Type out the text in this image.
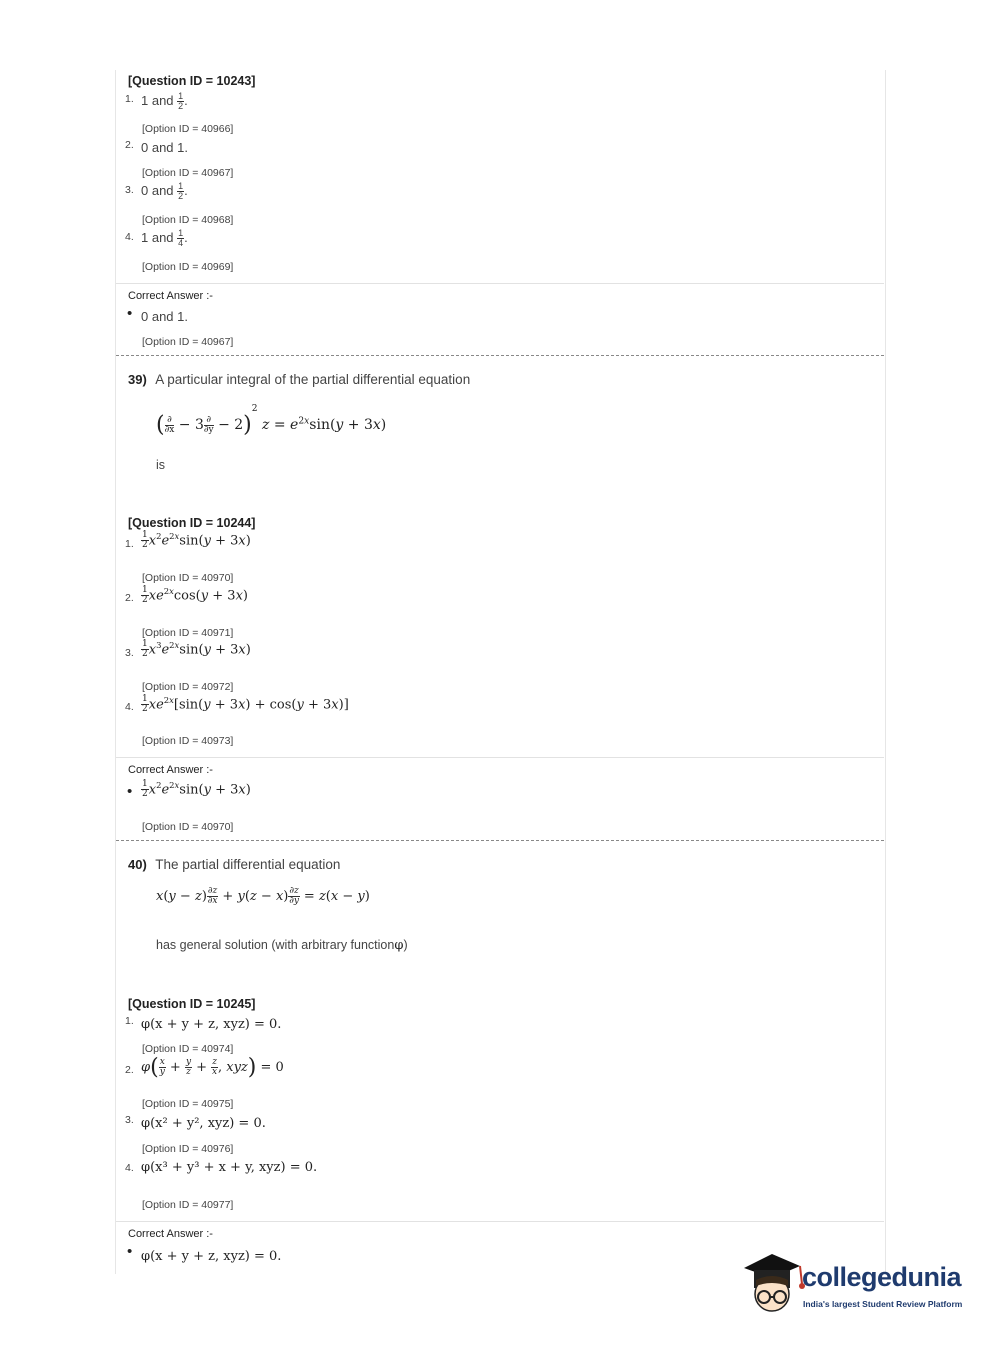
[Question ID = 10243]
1. 1 and $\frac{1}{2}$ .
[Option ID = 40966]
2. 0 and 1.
[Option ID = 40967]
3. 0 and $\frac{1}{2}$ .
[Option ID = 40968]
4. 1 and $\frac{1}{4}$ .
[Option ID = 40969]
Correct Answer :-
• 0 and 1.
[Option ID = 40967]
39) A particular integral of the partial differential equation
( $\frac{\partial}{\partial x} - 3 \frac{\partial}{\partial y} - 2)^2$ $z = e^{2x}\sin(y + 3x)$
is
[Question ID = 10244]
1. $\frac{1}{2} x^2e^{2x}\sin(y + 3x)$
[Option ID = 40970]
2. $\frac{1}{2} xe^{2x}\cos(y + 3x)$
[Option ID = 40971]
3. $\frac{1}{2} x^3e^{2x}\sin(y + 3x)$
[Option ID = 40972]
4. $\frac{1}{2} xe^{2x}[\sin(y + 3x) + \cos(y + 3x)]$
[Option ID = 40973]
Correct Answer :-
• $\frac{1}{2} x^2e^{2x}\sin(y + 3x)$
[Option ID = 40970]
40) The partial differential equation
$x(y - z) \frac{\partial z}{\partial x} + y(z - x) \frac{\partial z}{\partial y} = z(x - y)$
has general solution (with arbitrary functionφ)
[Question ID = 10245]
1. φ(x + y + z, xyz) = 0.
[Option ID = 40974]
2. $\varphi( \frac{x}{y} + \frac{y}{z} + \frac{z}{x}$ , xyz) = 0
[Option ID = 40975]
3. φ(x² + y², xyz) = 0.
[Option ID = 40976]
4. φ(x³ + y³ + x + y, xyz) = 0.
[Option ID = 40977]
Correct Answer :-
• φ(x + y + z, xyz) = 0.
collegedunia
India's largest Student Review Platform
